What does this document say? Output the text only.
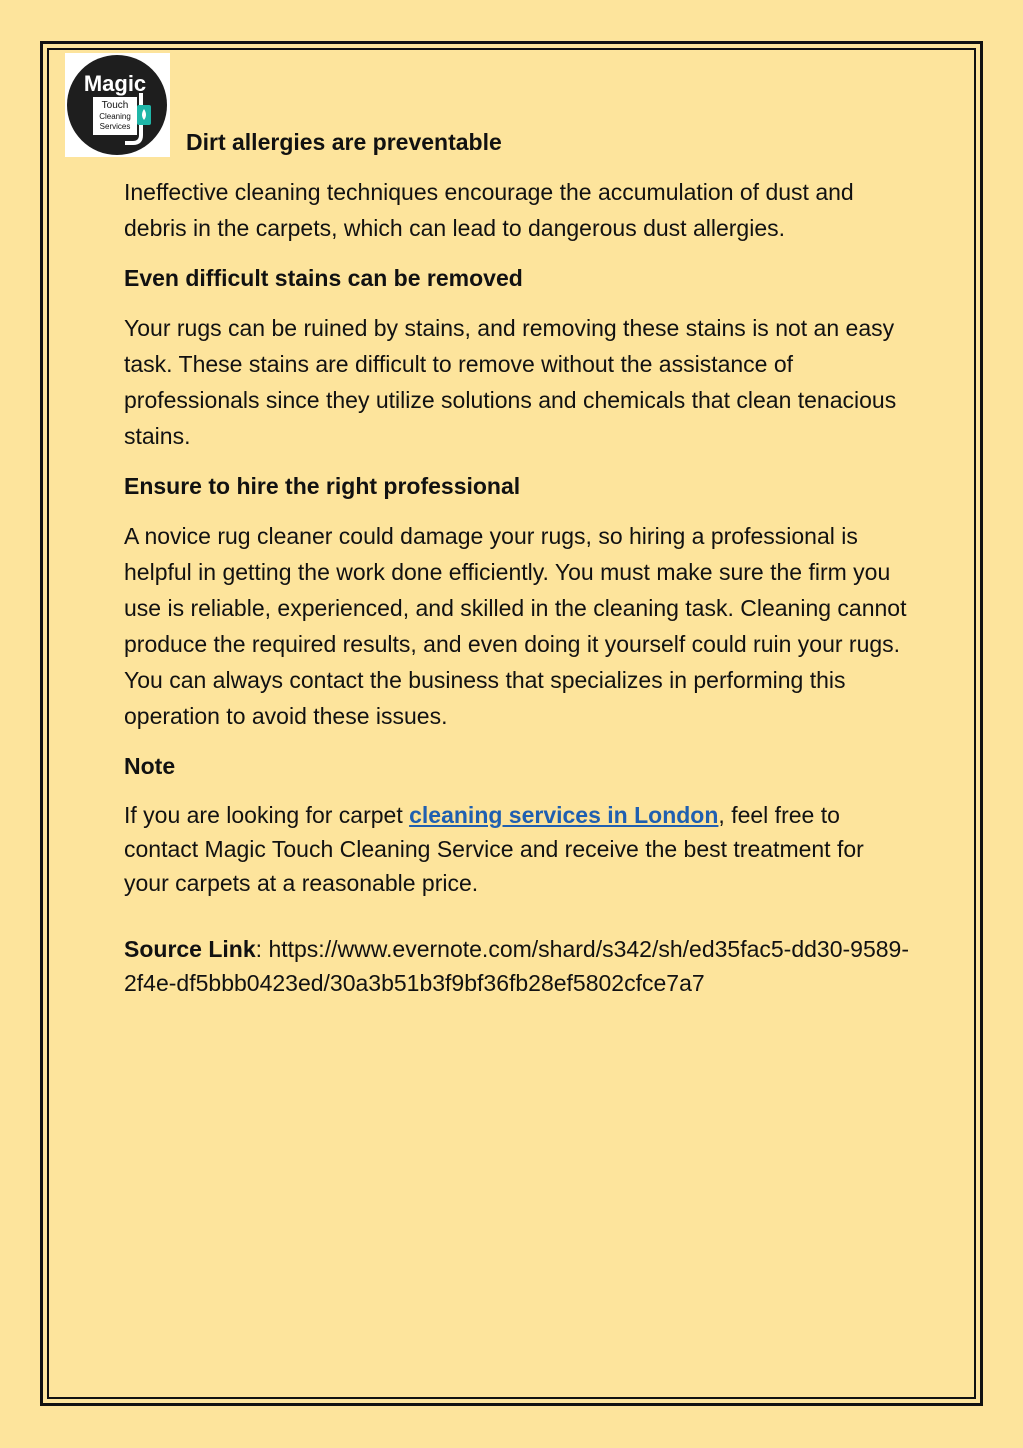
Magic
Touch
Cleaning
Services
Dirt allergies are preventable

Ineffective cleaning techniques encourage the accumulation of dust and debris in the carpets, which can lead to dangerous dust allergies.

Even difficult stains can be removed

Your rugs can be ruined by stains, and removing these stains is not an easy task. These stains are difficult to remove without the assistance of professionals since they utilize solutions and chemicals that clean tenacious stains.

Ensure to hire the right professional

A novice rug cleaner could damage your rugs, so hiring a professional is helpful in getting the work done efficiently. You must make sure the firm you use is reliable, experienced, and skilled in the cleaning task. Cleaning cannot produce the required results, and even doing it yourself could ruin your rugs. You can always contact the business that specializes in performing this operation to avoid these issues.

Note

If you are looking for carpet cleaning services in London, feel free to contact Magic Touch Cleaning Service and receive the best treatment for your carpets at a reasonable price.

Source Link: https://www.evernote.com/shard/s342/sh/ed35fac5-dd30-9589-2f4e-df5bbb0423ed/30a3b51b3f9bf36fb28ef5802cfce7a7
